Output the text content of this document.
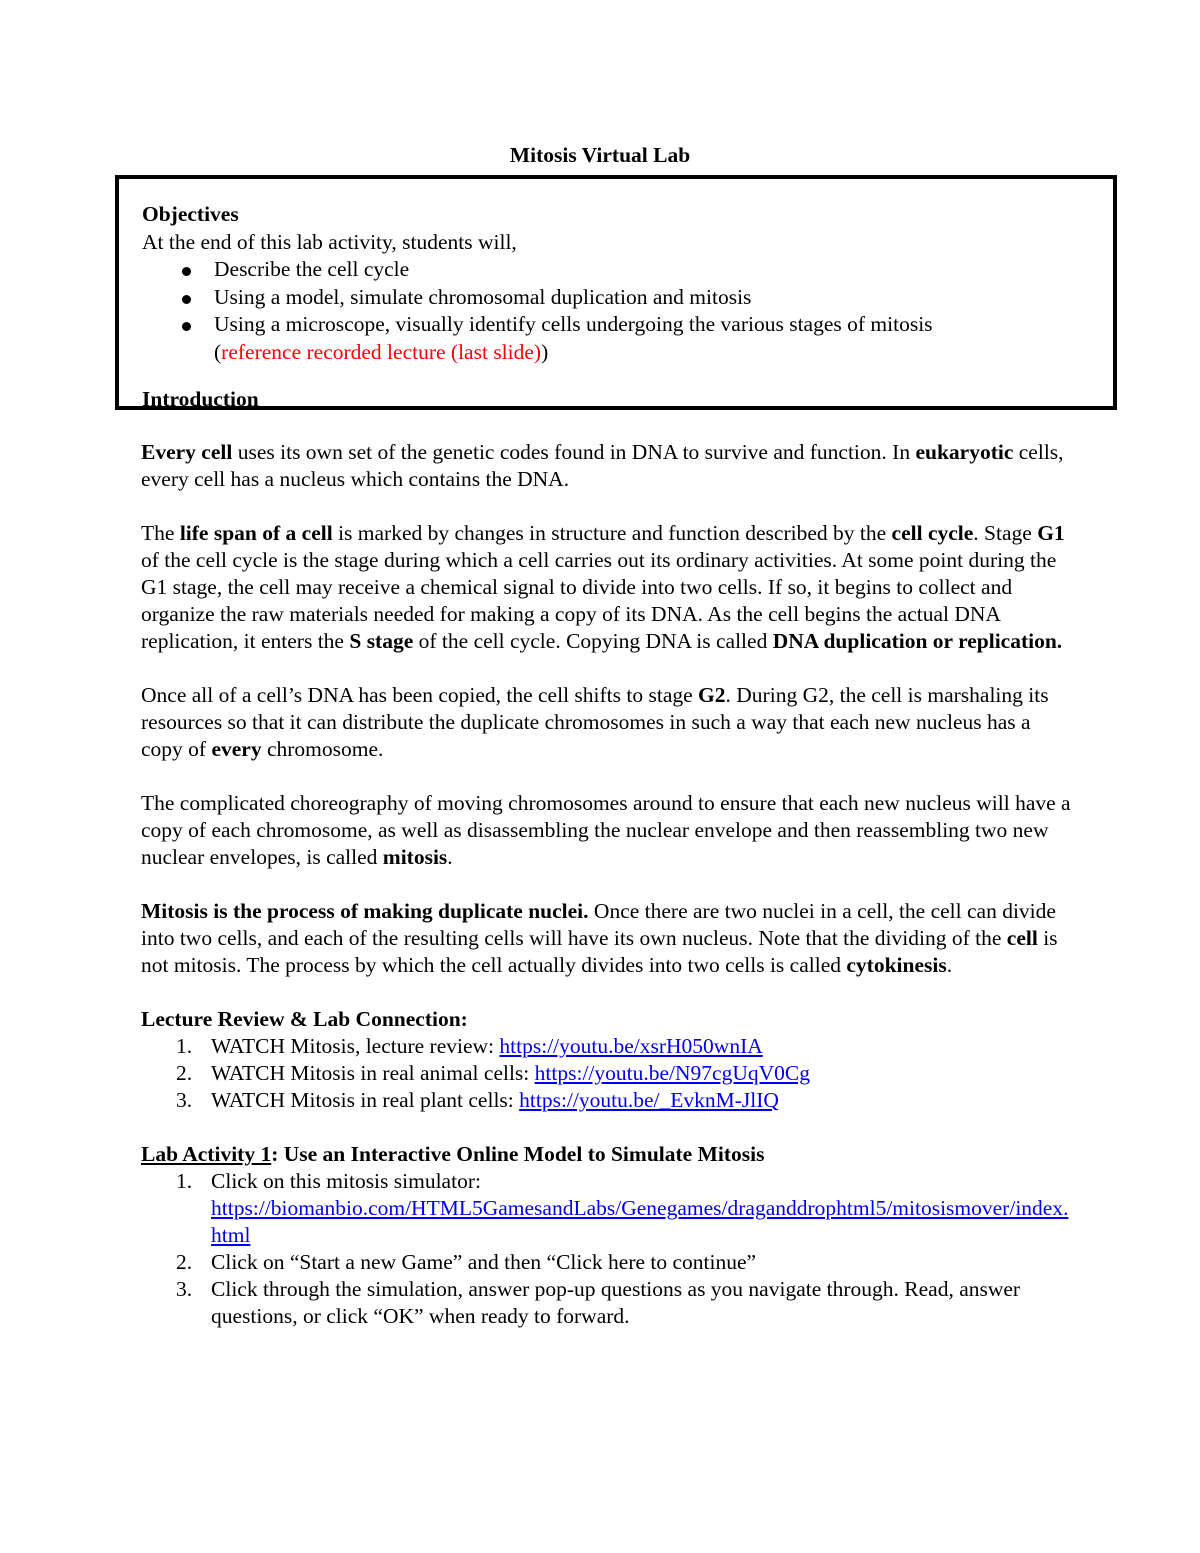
Mitosis Virtual Lab
Objectives
At the end of this lab activity, students will,
Describe the cell cycle
Using a model, simulate chromosomal duplication and mitosis
Using a microscope, visually identify cells undergoing the various stages of mitosis
(reference recorded lecture (last slide))
Introduction

Every cell uses its own set of the genetic codes found in DNA to survive and function. In eukaryotic cells, every cell has a nucleus which contains the DNA.

The life span of a cell is marked by changes in structure and function described by the cell cycle. Stage G1 of the cell cycle is the stage during which a cell carries out its ordinary activities. At some point during the G1 stage, the cell may receive a chemical signal to divide into two cells. If so, it begins to collect and organize the raw materials needed for making a copy of its DNA. As the cell begins the actual DNA replication, it enters the S stage of the cell cycle. Copying DNA is called DNA duplication or replication.

Once all of a cell’s DNA has been copied, the cell shifts to stage G2. During G2, the cell is marshaling its resources so that it can distribute the duplicate chromosomes in such a way that each new nucleus has a copy of every chromosome.

The complicated choreography of moving chromosomes around to ensure that each new nucleus will have a copy of each chromosome, as well as disassembling the nuclear envelope and then reassembling two new nuclear envelopes, is called mitosis.

Mitosis is the process of making duplicate nuclei. Once there are two nuclei in a cell, the cell can divide into two cells, and each of the resulting cells will have its own nucleus. Note that the dividing of the cell is not mitosis. The process by which the cell actually divides into two cells is called cytokinesis.

Lecture Review & Lab Connection:

1. WATCH Mitosis, lecture review: https://youtu.be/xsrH050wnIA
2. WATCH Mitosis in real animal cells: https://youtu.be/N97cgUqV0Cg
3. WATCH Mitosis in real plant cells: https://youtu.be/_EvknM-JlIQ

Lab Activity 1: Use an Interactive Online Model to Simulate Mitosis

1. Click on this mitosis simulator:
https://biomanbio.com/HTML5GamesandLabs/Genegames/draganddrophtml5/mitosismover/index.html
2. Click on “Start a new Game” and then “Click here to continue”
3. Click through the simulation, answer pop-up questions as you navigate through. Read, answer questions, or click “OK” when ready to forward.
